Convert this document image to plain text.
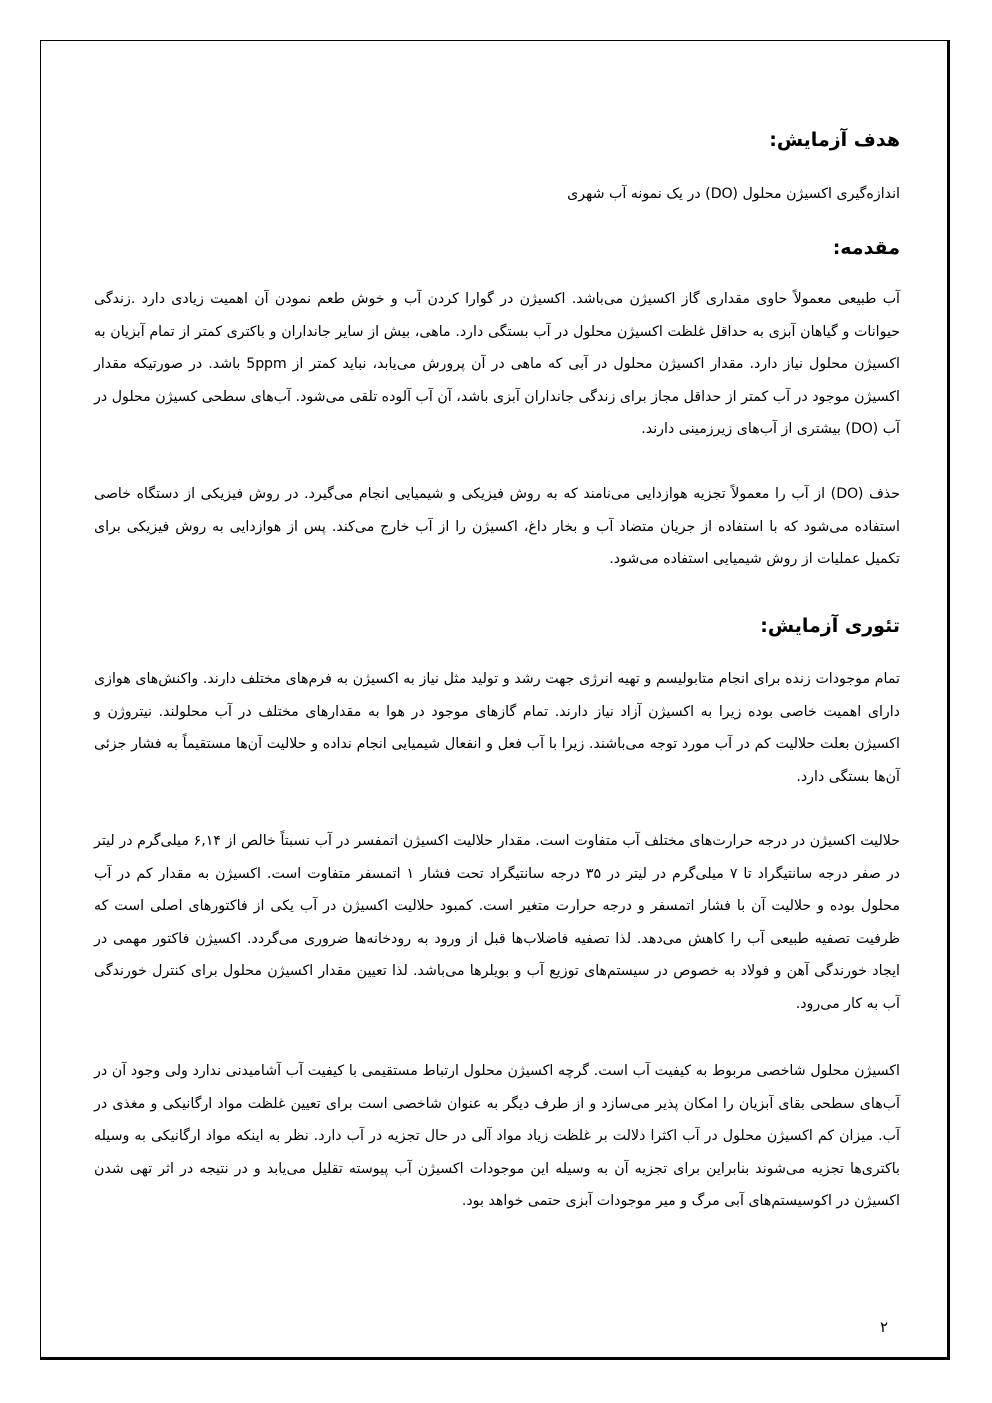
هدف آزمایش:

اندازه‌گیری اکسیژن محلول (DO) در یک نمونه آب شهری

مقدمه:

آب طبیعی معمولاً حاوی مقداری گاز اکسیژن می‌باشد. اکسیژن در گوارا کردن آب و خوش طعم نمودن آن اهمیت زیادی دارد .زندگی حیوانات و گیاهان آبزی به حداقل غلظت اکسیژن محلول در آب بستگی دارد. ماهی، بیش از سایر جانداران و باکتری کمتر از تمام آبزیان به اکسیژن محلول نیاز دارد. مقدار اکسیژن محلول در آبی که ماهی در آن پرورش می‌یابد، نباید کمتر از 5ppm باشد. در صورتیکه مقدار اکسیژن موجود در آب کمتر از حداقل مجاز برای زندگی جانداران آبزی باشد، آن آب آلوده تلقی می‌شود. آب‌های سطحی کسیژن محلول در آب (DO) بیشتری از آب‌های زیرزمینی دارند.

حذف (DO) از آب را معمولاً تجزیه هوازدایی می‌نامند که به روش فیزیکی و شیمیایی انجام می‌گیرد. در روش فیزیکی از دستگاه خاصی استفاده می‌شود که با استفاده از جریان متضاد آب و بخار داغ، اکسیژن را از آب خارج می‌کند. پس از هوازدایی به روش فیزیکی برای تکمیل عملیات از روش شیمیایی استفاده می‌شود.

تئوری آزمایش:

تمام موجودات زنده برای انجام متابولیسم و تهیه انرژی جهت رشد و تولید مثل نیاز به اکسیژن به فرم‌های مختلف دارند. واکنش‌های هوازی دارای اهمیت خاصی بوده زیرا به اکسیژن آزاد نیاز دارند. تمام گازهای موجود در هوا به مقدارهای مختلف در آب محلولند. نیتروژن و اکسیژن بعلت حلالیت کم در آب مورد توجه می‌باشند. زیرا با آب فعل و انفعال شیمیایی انجام نداده و حلالیت آن‌ها مستقیماً به فشار جزئی آن‌ها بستگی دارد.

حلالیت اکسیژن در درجه حرارت‌های مختلف آب متفاوت است. مقدار حلالیت اکسیژن اتمفسر در آب نسبتاً خالص از ۶,۱۴ میلی‌گرم در لیتر در صفر درجه سانتیگراد تا ۷ میلی‌گرم در لیتر در ۳۵ درجه سانتیگراد تحت فشار ۱ اتمسفر متفاوت است. اکسیژن به مقدار کم در آب محلول بوده و حلالیت آن با فشار اتمسفر و درجه حرارت متغیر است. کمبود حلالیت اکسیژن در آب یکی از فاکتورهای اصلی است که ظرفیت تصفیه طبیعی آب را کاهش می‌دهد. لذا تصفیه فاضلاب‌ها قبل از ورود به رودخانه‌ها ضروری می‌گردد. اکسیژن فاکتور مهمی در ایجاد خورندگی آهن و فولاد به خصوص در سیستم‌های توزیع آب و بویلرها می‌باشد. لذا تعیین مقدار اکسیژن محلول برای کنترل خورندگی آب به کار می‌رود.

اکسیژن محلول شاخصی مربوط به کیفیت آب است. گرچه اکسیژن محلول ارتباط مستقیمی با کیفیت آب آشامیدنی ندارد ولی وجود آن در آب‌های سطحی بقای آبزیان را امکان پذیر می‌سازد و از طرف دیگر به عنوان شاخصی است برای تعیین غلظت مواد ارگانیکی و مغذی در آب. میزان کم اکسیژن محلول در آب اکثرا دلالت بر غلظت زیاد مواد آلی در حال تجزیه در آب دارد. نظر به اینکه مواد ارگانیکی به وسیله باکتری‌ها تجزیه می‌شوند بنابراین برای تجزیه آن به وسیله این موجودات اکسیژن آب پیوسته تقلیل می‌یابد و در نتیجه در اثر تهی شدن اکسیژن در اکوسیستم‌های آبی مرگ و میر موجودات آبزی حتمی خواهد بود.

۲
